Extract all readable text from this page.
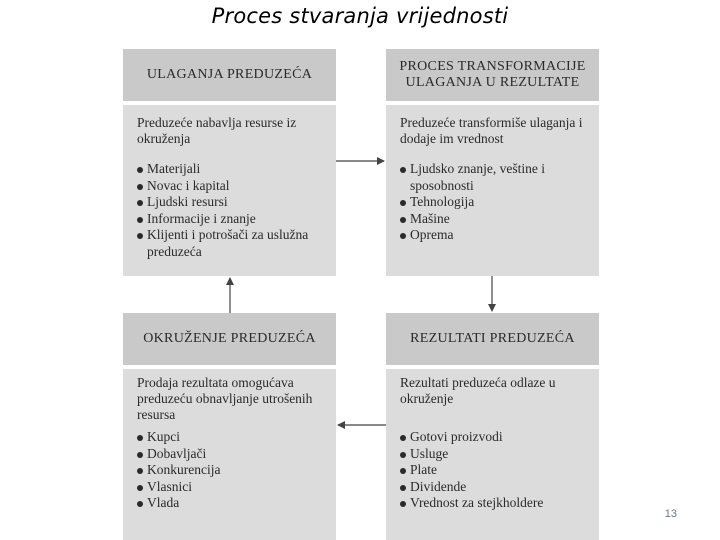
Proces stvaranja vrijednosti
ULAGANJA PREDUZEĆA

Preduzeće nabavlja resurse iz okruženja

Materijali
Novac i kapital
Ljudski resursi
Informacije i znanje
Klijenti i potrošači za uslužna preduzeća
PROCES TRANSFORMACIJE
ULAGANJA U REZULTATE

Preduzeće transformiše ulaganja i dodaje im vrednost

Ljudsko znanje, veštine i sposobnosti
Tehnologija
Mašine
Oprema
OKRUŽENJE PREDUZEĆA

Prodaja rezultata omogućava preduzeću obnavljanje utrošenih resursa

Kupci
Dobavljači
Konkurencija
Vlasnici
Vlada
REZULTATI PREDUZEĆA

Rezultati preduzeća odlaze u okruženje

Gotovi proizvodi
Usluge
Plate
Dividende
Vrednost za stejkholdere
13
